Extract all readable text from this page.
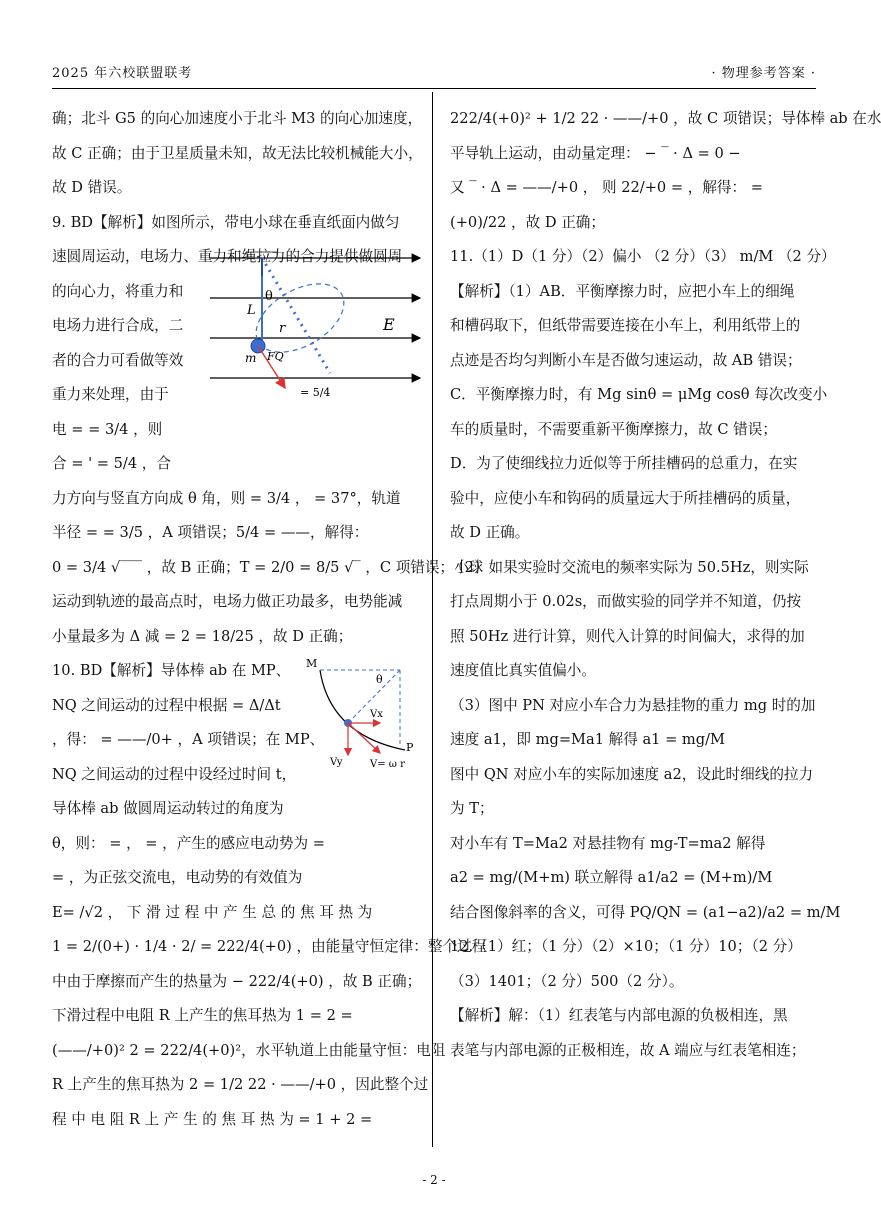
2025 年六校联盟联考	· 物理参考答案 ·
确；北斗 G5 的向心加速度小于北斗 M3 的向心加速度，
故 C 正确；由于卫星质量未知，故无法比较机械能大小，
故 D 错误。
9. BD【解析】如图所示，带电小球在垂直纸面内做匀
速圆周运动，电场力、重力和绳拉力的合力提供做圆周
的向心力，将重力和
电场力进行合成，二
者的合力可看做等效
重力来处理，由于
电 = = 3/4 ，则
合 = ' = 5/4 ，合
力方向与竖直方向成 θ 角，则 = 3/4 ， = 37°，轨道
半径 = = 3/5 ，A 项错误；5/4 = ——，解得：
0 = 3/4 √‾‾‾ ，故 B 正确；T = 2/0 = 8/5 √‾ ，C 项错误；小球
运动到轨迹的最高点时，电场力做正功最多，电势能减
小量最多为 Δ 减 = 2 = 18/25 ，故 D 正确；
10. BD【解析】导体棒 ab 在 MP、
NQ 之间运动的过程中根据 = Δ/Δt
，得： = ——/0+ ，A 项错误；在 MP、
NQ 之间运动的过程中设经过时间 t，
导体棒 ab 做圆周运动转过的角度为
θ，则： = ， = ，产生的感应电动势为 =
= ，为正弦交流电，电动势的有效值为
E= /√2 ， 下 滑 过 程 中 产 生 总 的 焦 耳 热 为
1 = 2/(0+) · 1/4 · 2/ = 222/4(+0) ，由能量守恒定律：整个过程
中由于摩擦而产生的热量为 − 222/4(+0) ，故 B 正确；
下滑过程中电阻 R 上产生的焦耳热为 1 = 2 =
(——/+0)² 2 = 222/4(+0)²，水平轨道上由能量守恒：电阻
R 上产生的焦耳热为 2 = 1/2 22 · ——/+0 ，因此整个过
程 中 电 阻 R 上 产 生 的 焦 耳 热 为 = 1 + 2 =
222/4(+0)² + 1/2 22 · ——/+0 ，故 C 项错误；导体棒 ab 在水
平导轨上运动，由动量定理： − ‾ · Δ = 0 −
又 ‾ · Δ = ——/+0 ， 则 22/+0 = ，解得： =
(+0)/22 ，故 D 正确；
11.（1）D（1 分）（2）偏小 （2 分）（3） m/M （2 分）
【解析】（1）AB．平衡摩擦力时，应把小车上的细绳
和槽码取下，但纸带需要连接在小车上，利用纸带上的
点迹是否均匀判断小车是否做匀速运动，故 AB 错误；
C．平衡摩擦力时，有 Mg sinθ = μMg cosθ 每次改变小
车的质量时，不需要重新平衡摩擦力，故 C 错误；
D．为了使细线拉力近似等于所挂槽码的总重力，在实
验中，应使小车和钩码的质量远大于所挂槽码的质量，
故 D 正确。
（2）如果实验时交流电的频率实际为 50.5Hz，则实际
打点周期小于 0.02s，而做实验的同学并不知道，仍按
照 50Hz 进行计算，则代入计算的时间偏大，求得的加
速度值比真实值偏小。
（3）图中 PN 对应小车合力为悬挂物的重力 mg 时的加
速度 a1，即 mg=Ma1 解得 a1 = mg/M
图中 QN 对应小车的实际加速度 a2，设此时细线的拉力
为 T；
对小车有 T=Ma2 对悬挂物有 mg-T=ma2 解得
a2 = mg/(M+m) 联立解得 a1/a2 = (M+m)/M
结合图像斜率的含义，可得 PQ/QN = (a1−a2)/a2 = m/M
12.（1）红；（1 分）（2）×10；（1 分）10；（2 分）
（3）1401；（2 分）500（2 分）。
【解析】解：（1）红表笔与内部电源的负极相连，黑
表笔与内部电源的正极相连，故 A 端应与红表笔相连；
θ
L
r	E
m FQ
= 5/4
M
θ
Vx
Vy	V= ω r
P
- 2 -
